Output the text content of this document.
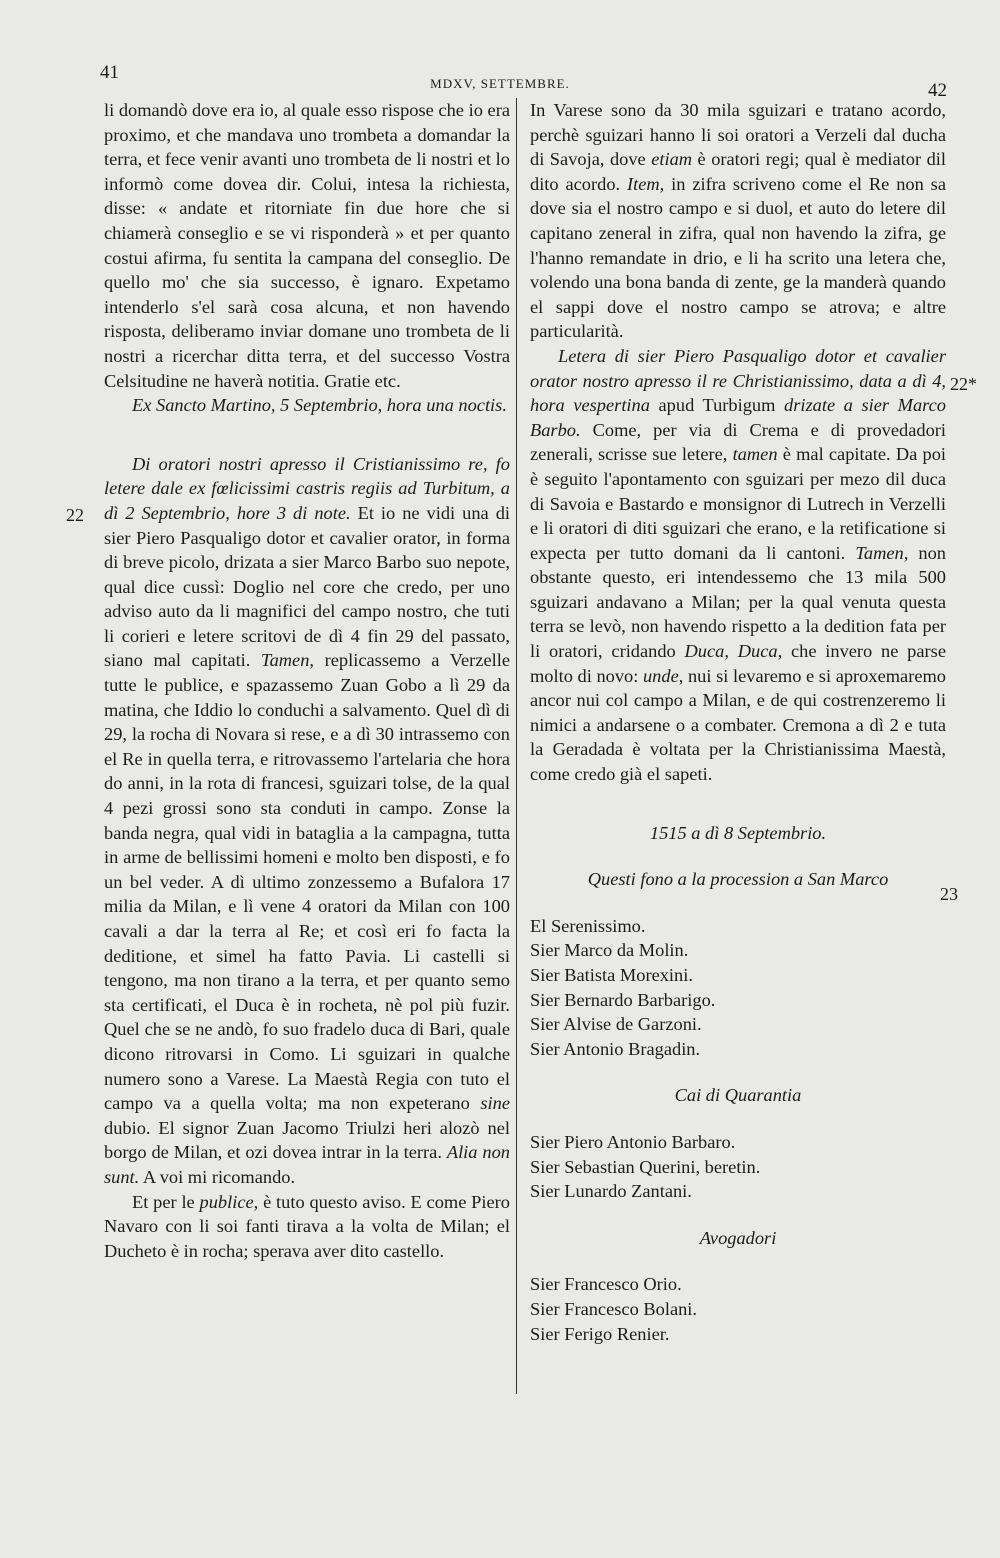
41
MDXV, SETTEMBRE.	42
22
22*
23

li domandò dove era io, al quale esso rispose che io era proximo, et che mandava uno trombeta a domandar la terra, et fece venir avanti uno trombeta de li nostri et lo informò come dovea dir. Colui, intesa la richiesta, disse: « andate et ritorniate fin due hore che si chiamerà conseglio e se vi risponderà » et per quanto costui afirma, fu sentita la campana del conseglio. De quello mo' che sia successo, è ignaro. Expetamo intenderlo s'el sarà cosa alcuna, et non havendo risposta, deliberamo inviar domane uno trombeta de li nostri a ricerchar ditta terra, et del successo Vostra Celsitudine ne haverà notitia. Gratie etc.

Ex Sancto Martino, 5 Septembrio, hora una noctis.

Di oratori nostri apresso il Cristianissimo re, fo letere dale ex fœlicissimi castris regiis ad Turbitum, a dì 2 Septembrio, hore 3 di note. Et io ne vidi una di sier Piero Pasqualigo dotor et cavalier orator, in forma di breve picolo, drizata a sier Marco Barbo suo nepote, qual dice cussì: Doglio nel core che credo, per uno adviso auto da li magnifici del campo nostro, che tuti li corieri e letere scritovi de dì 4 fin 29 del passato, siano mal capitati. Tamen, replicassemo a Verzelle tutte le publice, e spazassemo Zuan Gobo a lì 29 da matina, che Iddio lo conduchi a salvamento. Quel dì di 29, la rocha di Novara si rese, e a dì 30 intrassemo con el Re in quella terra, e ritrovassemo l'artelaria che hora do anni, in la rota di francesi, sguizari tolse, de la qual 4 pezi grossi sono sta conduti in campo. Zonse la banda negra, qual vidi in bataglia a la campagna, tutta in arme de bellissimi homeni e molto ben disposti, e fo un bel veder. A dì ultimo zonzessemo a Bufalora 17 milia da Milan, e lì vene 4 oratori da Milan con 100 cavali a dar la terra al Re; et così eri fo facta la deditione, et simel ha fatto Pavia. Li castelli si tengono, ma non tirano a la terra, et per quanto semo sta certificati, el Duca è in rocheta, nè pol più fuzir. Quel che se ne andò, fo suo fradelo duca di Bari, quale dicono ritrovarsi in Como. Li sguizari in qualche numero sono a Varese. La Maestà Regia con tuto el campo va a quella volta; ma non expeterano sine dubio. El signor Zuan Jacomo Triulzi heri alozò nel borgo de Milan, et ozi dovea intrar in la terra. Alia non sunt. A voi mi ricomando.

Et per le publice, è tuto questo aviso. E come Piero Navaro con li soi fanti tirava a la volta de Milan; el Ducheto è in rocha; sperava aver dito castello.

In Varese sono da 30 mila sguizari e tratano acordo, perchè sguizari hanno li soi oratori a Verzeli dal ducha di Savoja, dove etiam è oratori regi; qual è mediator dil dito acordo. Item, in zifra scriveno come el Re non sa dove sia el nostro campo e si duol, et auto do letere dil capitano zeneral in zifra, qual non havendo la zifra, ge l'hanno remandate in drio, e li ha scrito una letera che, volendo una bona banda di zente, ge la manderà quando el sappi dove el nostro campo se atrova; e altre particularità.

Letera di sier Piero Pasqualigo dotor et cavalier orator nostro apresso il re Christianissimo, data a dì 4, hora vespertina apud Turbigum drizate a sier Marco Barbo. Come, per via di Crema e di provedadori zenerali, scrisse sue letere, tamen è mal capitate. Da poi è seguito l'apontamento con sguizari per mezo dil duca di Savoia e Bastardo e monsignor di Lutrech in Verzelli e li oratori di diti sguizari che erano, e la retificatione si expecta per tutto domani da li cantoni. Tamen, non obstante questo, eri intendessemo che 13 mila 500 sguizari andavano a Milan; per la qual venuta questa terra se levò, non havendo rispetto a la dedition fata per li oratori, cridando Duca, Duca, che invero ne parse molto di novo: unde, nui si levaremo e si aproxemaremo ancor nui col campo a Milan, e de qui costrenzeremo li nimici a andarsene o a combater. Cremona a dì 2 e tuta la Geradada è voltata per la Christianissima Maestà, come credo già el sapeti.

1515 a dì 8 Septembrio.

Questi fono a la procession a San Marco

El Serenissimo.

Sier Marco da Molin.

Sier Batista Morexini.

Sier Bernardo Barbarigo.

Sier Alvise de Garzoni.

Sier Antonio Bragadin.

Cai di Quarantia

Sier Piero Antonio Barbaro.

Sier Sebastian Querini, beretin.

Sier Lunardo Zantani.

Avogadori

Sier Francesco Orio.

Sier Francesco Bolani.

Sier Ferigo Renier.
